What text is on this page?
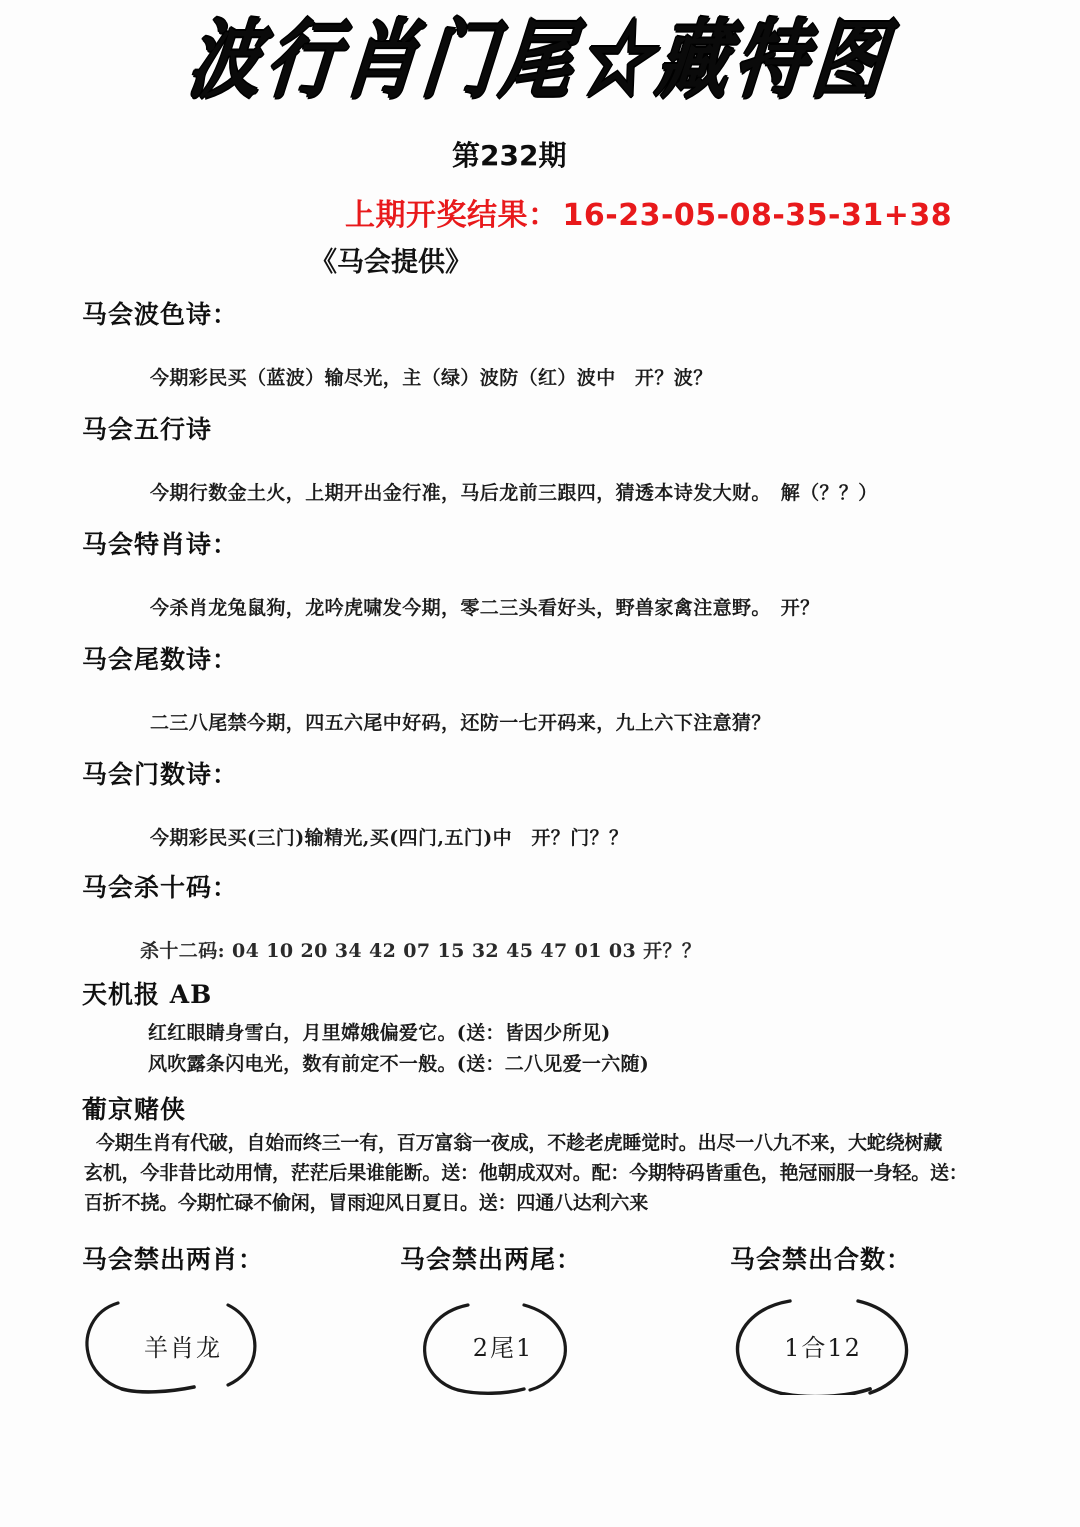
波行肖门尾☆藏特图
第232期
上期开奖结果： 16-23-05-08-35-31+38
《马会提供》
马会波色诗：
今期彩民买（蓝波）输尽光，主（绿）波防（红）波中　开？波？
马会五行诗
今期行数金土火，上期开出金行准，马后龙前三跟四，猜透本诗发大财。　解（？？）
马会特肖诗：
今杀肖龙兔鼠狗，龙吟虎啸发今期，零二三头看好头，野兽家禽注意野。　开？
马会尾数诗：
二三八尾禁今期，四五六尾中好码，还防一七开码来，九上六下注意猜？
马会门数诗：
今期彩民买(三门)输精光,买(四门,五门)中　开？门？？
马会杀十码：
杀十二码: 04 10 20 34 42 07 15 32 45 47 01 03 开？？
天机报 AB
红红眼睛身雪白，月里嫦娥偏爱它。(送：皆因少所见)
风吹露条闪电光，数有前定不一般。(送：二八见爱一六随)
葡京赌侠
今期生肖有代破，自始而终三一有，百万富翁一夜成，不趁老虎睡觉时。出尽一八九不来，大蛇绕树藏
玄机，今非昔比动用情，茫茫后果谁能断。送：他朝成双对。配：今期特码皆重色，艳冠丽服一身轻。送：
百折不挠。今期忙碌不偷闲，冒雨迎风日夏日。送：四通八达利六来
马会禁出两肖：	马会禁出两尾：	马会禁出合数：
羊肖龙	2尾1	1合12
